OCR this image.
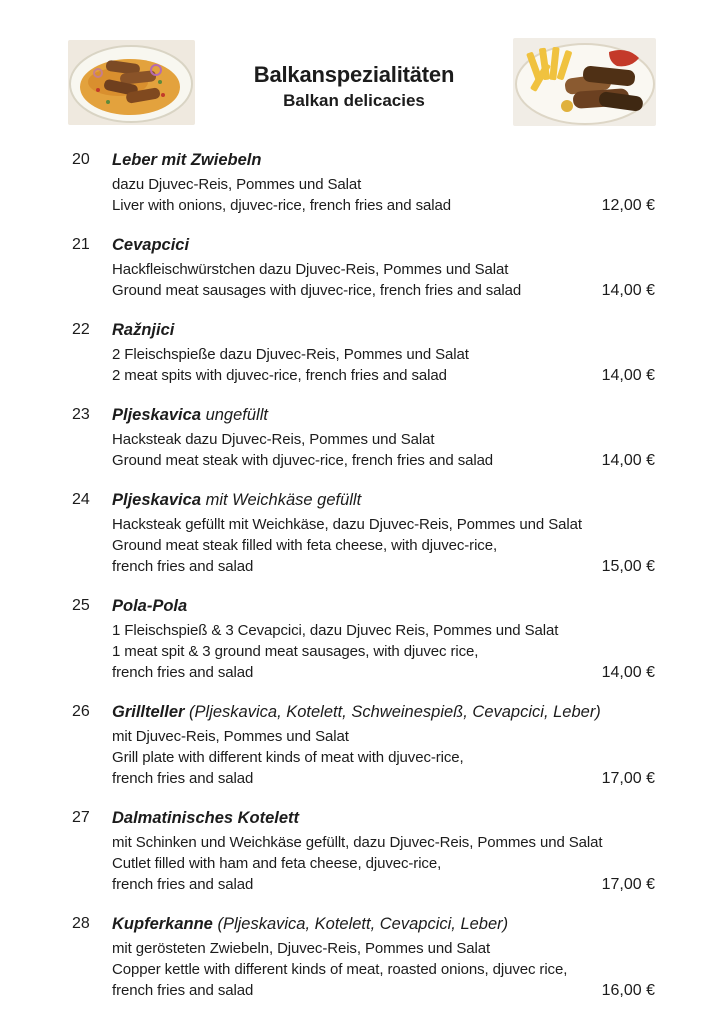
Balkanspezialitäten
Balkan delicacies
20	Leber mit Zwiebeln
dazu Djuvec-Reis, Pommes und Salat
Liver with onions, djuvec-rice, french fries and salad	12,00 €
21	Cevapcici
Hackfleischwürstchen dazu Djuvec-Reis, Pommes und Salat
Ground meat sausages with djuvec-rice, french fries and salad	14,00 €
22	Ražnjici
2 Fleischspieße dazu Djuvec-Reis, Pommes und Salat
2 meat spits with djuvec-rice, french fries and salad	14,00 €
23	Pljeskavica ungefüllt
Hacksteak dazu Djuvec-Reis, Pommes und Salat
Ground meat steak with djuvec-rice, french fries and salad	14,00 €
24	Pljeskavica mit Weichkäse gefüllt
Hacksteak gefüllt mit Weichkäse, dazu Djuvec-Reis, Pommes und Salat
Ground meat steak filled with feta cheese, with djuvec-rice,
french fries and salad	15,00 €
25	Pola-Pola
1 Fleischspieß & 3 Cevapcici, dazu Djuvec Reis, Pommes und Salat
1 meat spit & 3 ground meat sausages, with djuvec rice,
french fries and salad	14,00 €
26	Grillteller (Pljeskavica, Kotelett, Schweinespieß, Cevapcici, Leber)
mit Djuvec-Reis, Pommes und Salat
Grill plate with different kinds of meat with djuvec-rice,
french fries and salad	17,00 €
27	Dalmatinisches Kotelett
mit Schinken und Weichkäse gefüllt, dazu Djuvec-Reis, Pommes und Salat
Cutlet filled with ham and feta cheese, djuvec-rice,
french fries and salad	17,00 €
28	Kupferkanne (Pljeskavica, Kotelett, Cevapcici, Leber)
mit gerösteten Zwiebeln, Djuvec-Reis, Pommes und Salat
Copper kettle with different kinds of meat, roasted onions, djuvec rice,
french fries and salad	16,00 €
